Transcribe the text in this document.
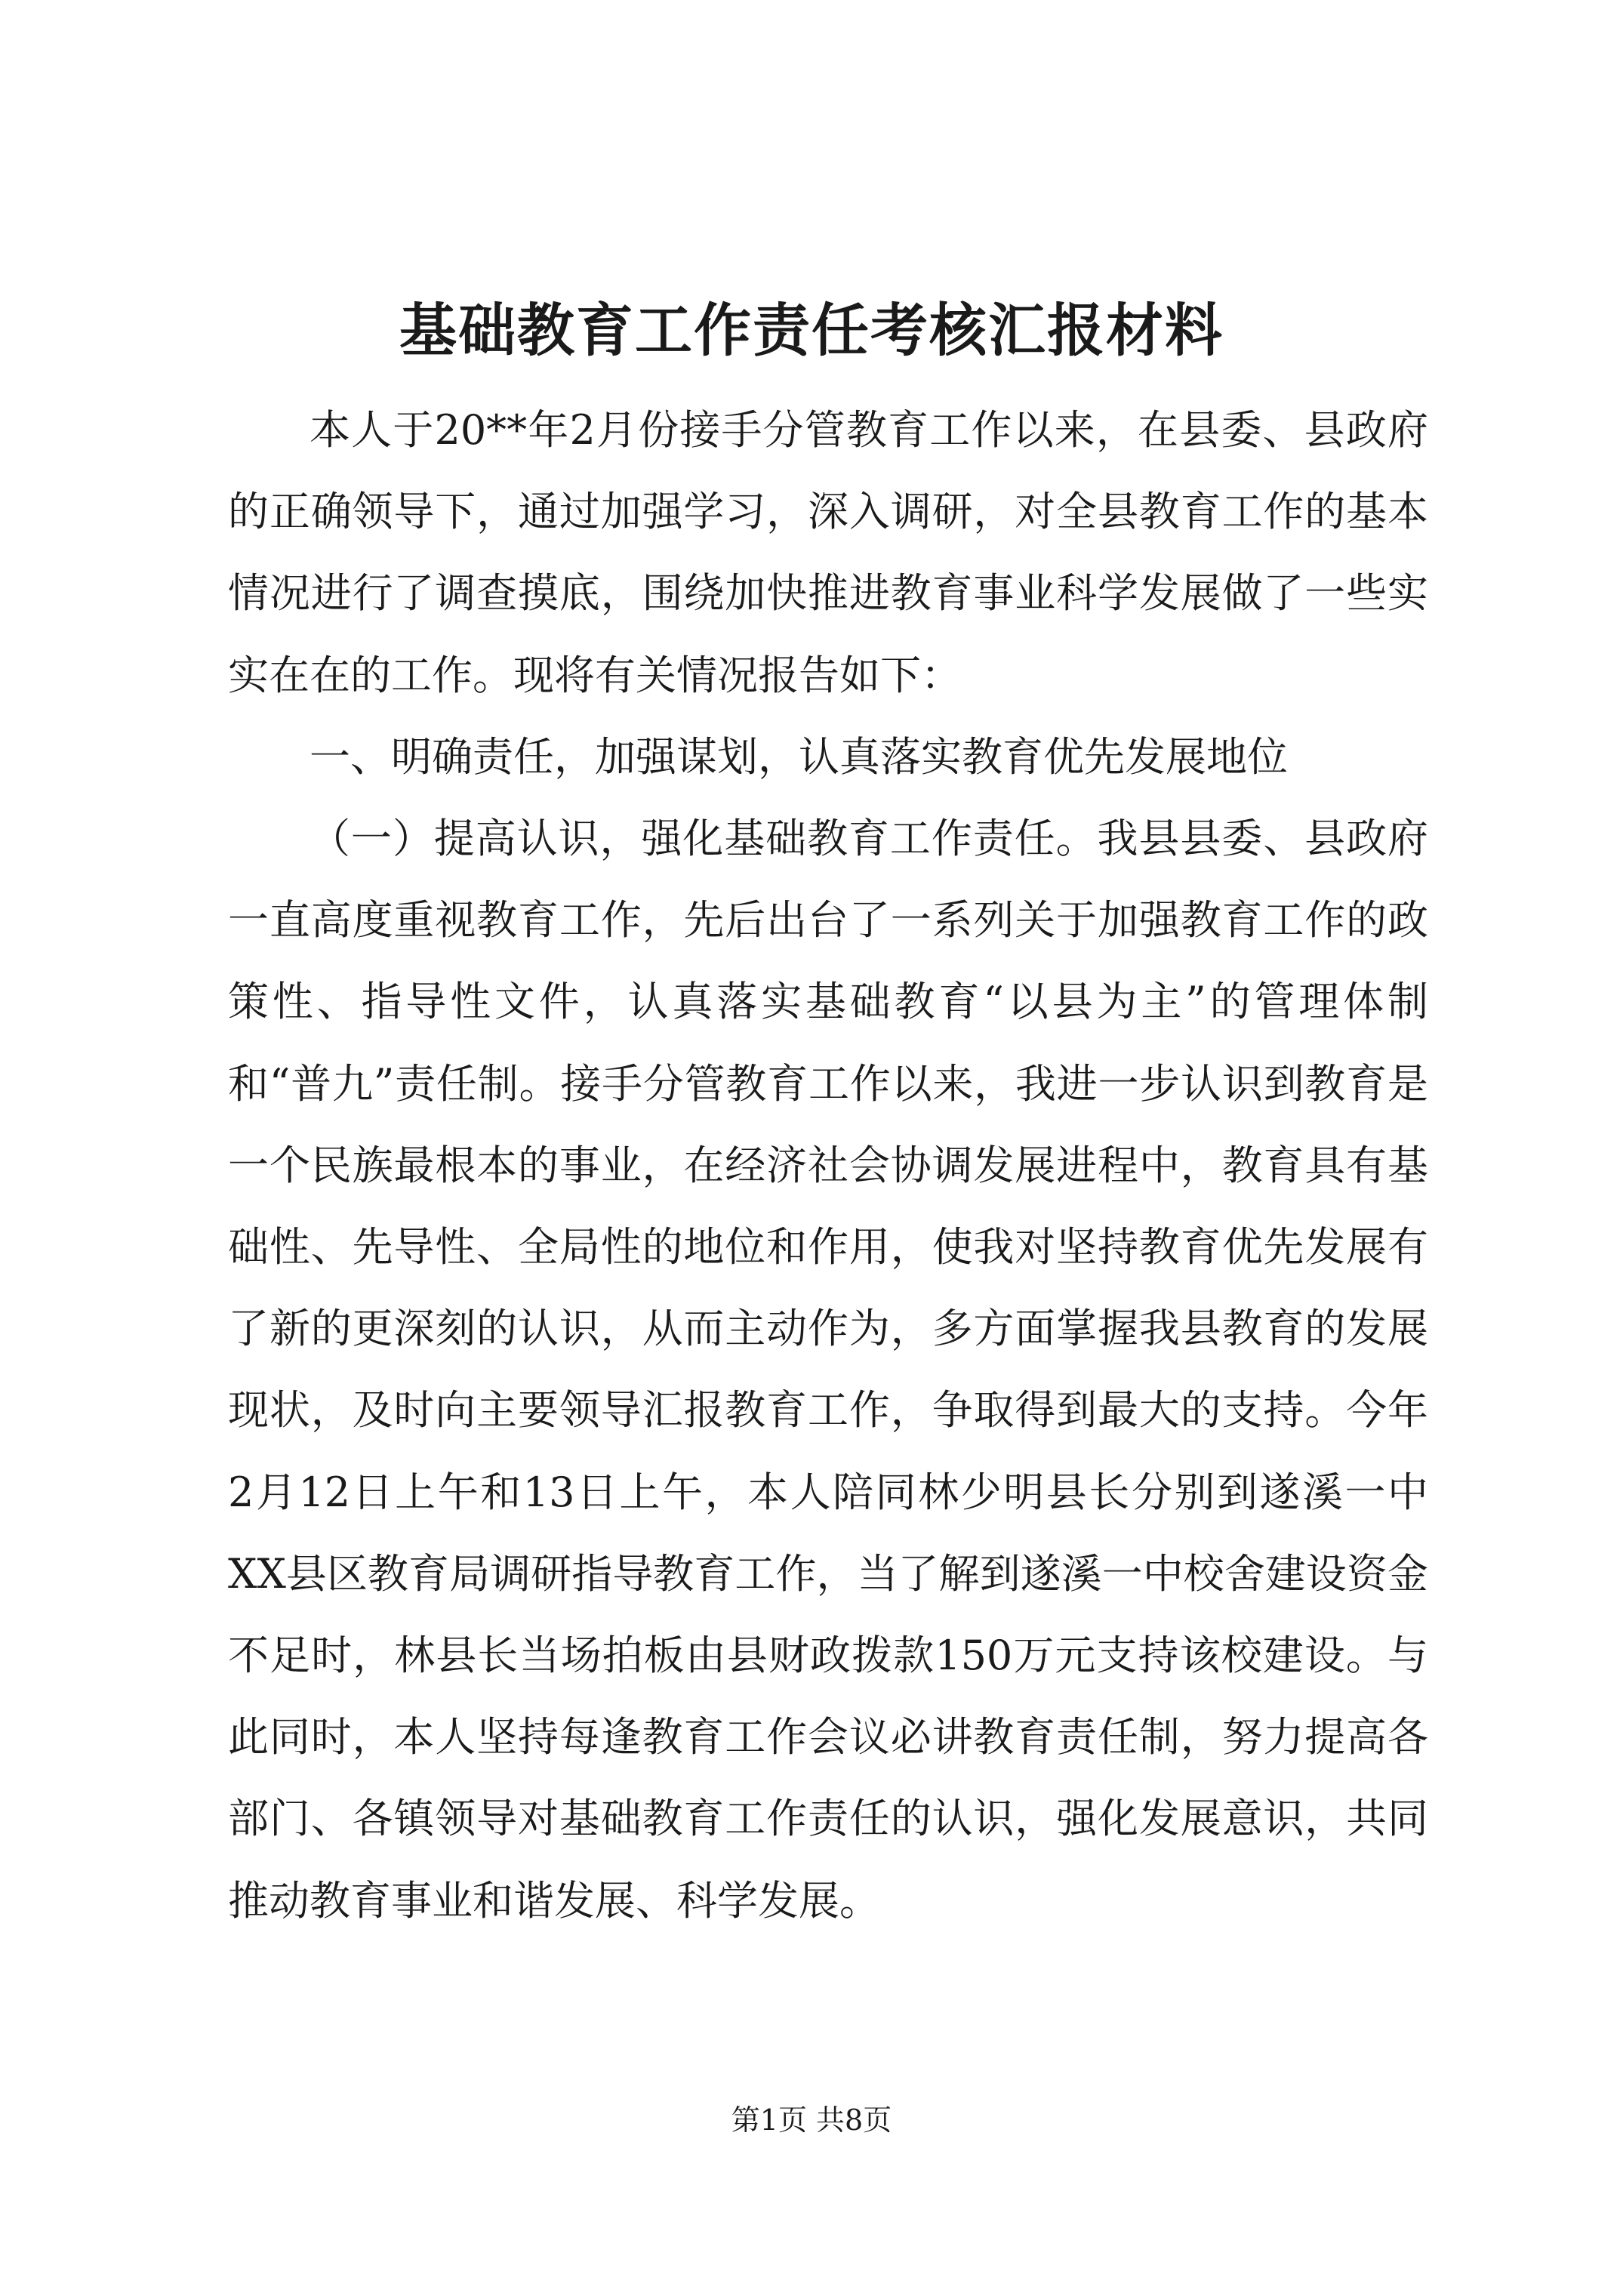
基础教育工作责任考核汇报材料

本人于20**年2月份接手分管教育工作以来，在县委、县政府的正确领导下，通过加强学习，深入调研，对全县教育工作的基本情况进行了调查摸底，围绕加快推进教育事业科学发展做了一些实实在在的工作。现将有关情况报告如下：

一、明确责任，加强谋划，认真落实教育优先发展地位

（一）提高认识，强化基础教育工作责任。我县县委、县政府一直高度重视教育工作，先后出台了一系列关于加强教育工作的政策性、指导性文件，认真落实基础教育“以县为主”的管理体制和“普九”责任制。接手分管教育工作以来，我进一步认识到教育是一个民族最根本的事业，在经济社会协调发展进程中，教育具有基础性、先导性、全局性的地位和作用，使我对坚持教育优先发展有了新的更深刻的认识，从而主动作为，多方面掌握我县教育的发展现状，及时向主要领导汇报教育工作，争取得到最大的支持。今年2月12日上午和13日上午，本人陪同林少明县长分别到遂溪一中XX县区教育局调研指导教育工作，当了解到遂溪一中校舍建设资金不足时，林县长当场拍板由县财政拨款150万元支持该校建设。与此同时，本人坚持每逢教育工作会议必讲教育责任制，努力提高各部门、各镇领导对基础教育工作责任的认识，强化发展意识，共同推动教育事业和谐发展、科学发展。

第1页 共8页
